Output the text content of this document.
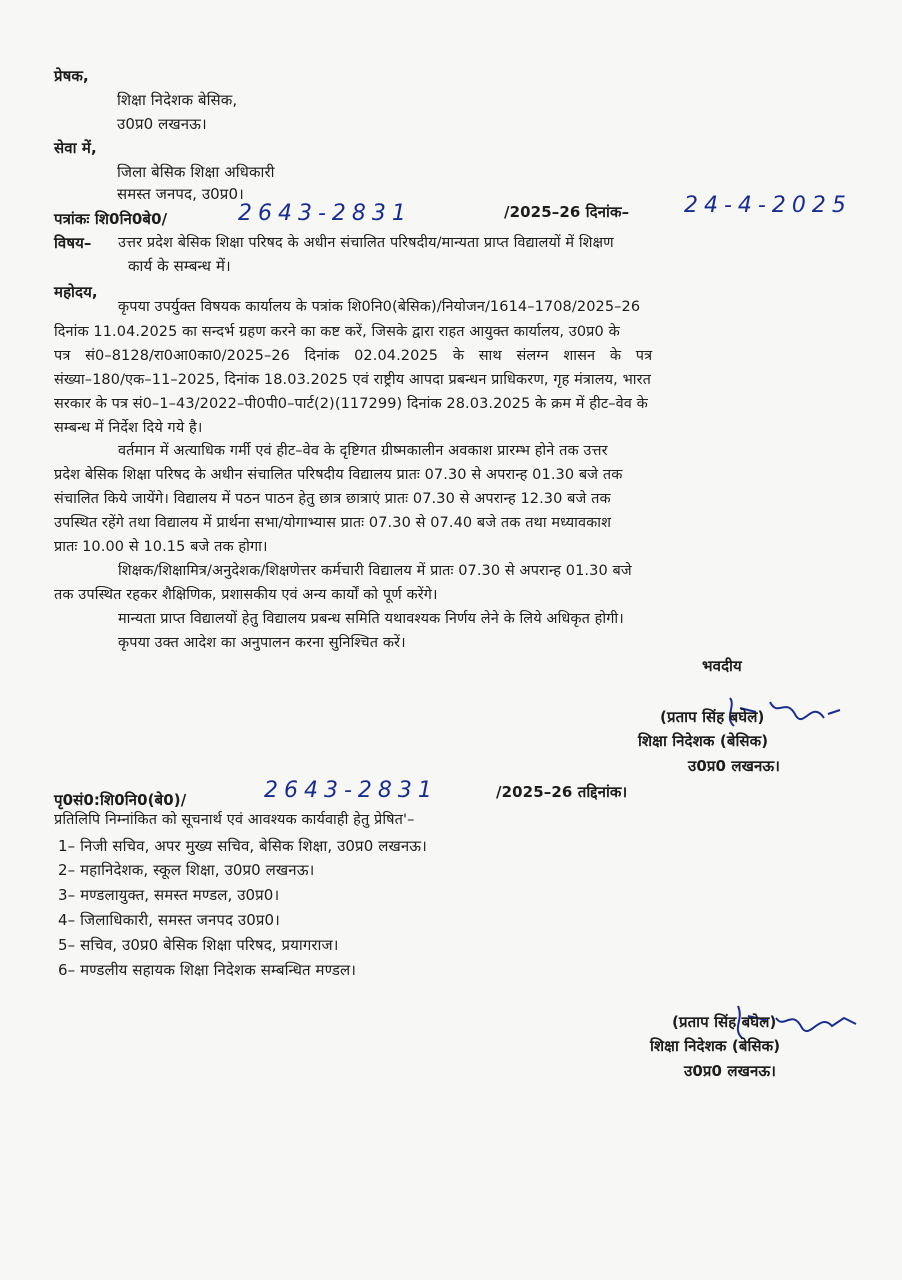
प्रेषक,
शिक्षा निदेशक बेसिक,
उ0प्र0 लखनऊ।
सेवा में,
जिला बेसिक शिक्षा अधिकारी
समस्त जनपद, उ0प्र0।
पत्रांकः शि0नि0बे0/	2643-2831	/2025–26 दिनांक– 24-4-2025
विषय– उत्तर प्रदेश बेसिक शिक्षा परिषद के अधीन संचालित परिषदीय/मान्यता प्राप्त विद्यालयों में शिक्षण
कार्य के सम्बन्ध में।
महोदय,
कृपया उपर्युक्त विषयक कार्यालय के पत्रांक शि0नि0(बेसिक)/नियोजन/1614–1708/2025–26
दिनांक 11.04.2025 का सन्दर्भ ग्रहण करने का कष्ट करें, जिसके द्वारा राहत आयुक्त कार्यालय, उ0प्र0 के
पत्र सं0–8128/रा0आ0का0/2025–26 दिनांक 02.04.2025 के साथ संलग्न शासन के पत्र
संख्या–180/एक–11–2025, दिनांक 18.03.2025 एवं राष्ट्रीय आपदा प्रबन्धन प्राधिकरण, गृह मंत्रालय, भारत
सरकार के पत्र सं0–1–43/2022–पी0पी0–पार्ट(2)(117299) दिनांक 28.03.2025 के क्रम में हीट–वेव के
सम्बन्ध में निर्देश दिये गये है।
वर्तमान में अत्याधिक गर्मी एवं हीट–वेव के दृष्टिगत ग्रीष्मकालीन अवकाश प्रारम्भ होने तक उत्तर
प्रदेश बेसिक शिक्षा परिषद के अधीन संचालित परिषदीय विद्यालय प्रातः 07.30 से अपरान्ह 01.30 बजे तक
संचालित किये जायेंगे। विद्यालय में पठन पाठन हेतु छात्र छात्राएं प्रातः 07.30 से अपरान्ह 12.30 बजे तक
उपस्थित रहेंगे तथा विद्यालय में प्रार्थना सभा/योगाभ्यास प्रातः 07.30 से 07.40 बजे तक तथा मध्यावकाश
प्रातः 10.00 से 10.15 बजे तक होगा।
शिक्षक/शिक्षामित्र/अनुदेशक/शिक्षणेत्तर कर्मचारी विद्यालय में प्रातः 07.30 से अपरान्ह 01.30 बजे
तक उपस्थित रहकर शैक्षिणिक, प्रशासकीय एवं अन्य कार्यों को पूर्ण करेंगे।
मान्यता प्राप्त विद्यालयों हेतु विद्यालय प्रबन्ध समिति यथावश्यक निर्णय लेने के लिये अधिकृत होगी।
कृपया उक्त आदेश का अनुपालन करना सुनिश्चित करें।
भवदीय
(प्रताप सिंह बघेल)
शिक्षा निदेशक (बेसिक)
उ0प्र0 लखनऊ।
पृ0सं0:शि0नि0(बे0)/	2643-2831	/2025–26 तद्दिनांक।
प्रतिलिपि निम्नांकित को सूचनार्थ एवं आवश्यक कार्यवाही हेतु प्रेषित'–
1– निजी सचिव, अपर मुख्य सचिव, बेसिक शिक्षा, उ0प्र0 लखनऊ।
2– महानिदेशक, स्कूल शिक्षा, उ0प्र0 लखनऊ।
3– मण्डलायुक्त, समस्त मण्डल, उ0प्र0।
4– जिलाधिकारी, समस्त जनपद उ0प्र0।
5– सचिव, उ0प्र0 बेसिक शिक्षा परिषद, प्रयागराज।
6– मण्डलीय सहायक शिक्षा निदेशक सम्बन्धित मण्डल।
(प्रताप सिंह बघेल)
शिक्षा निदेशक (बेसिक)
उ0प्र0 लखनऊ।
